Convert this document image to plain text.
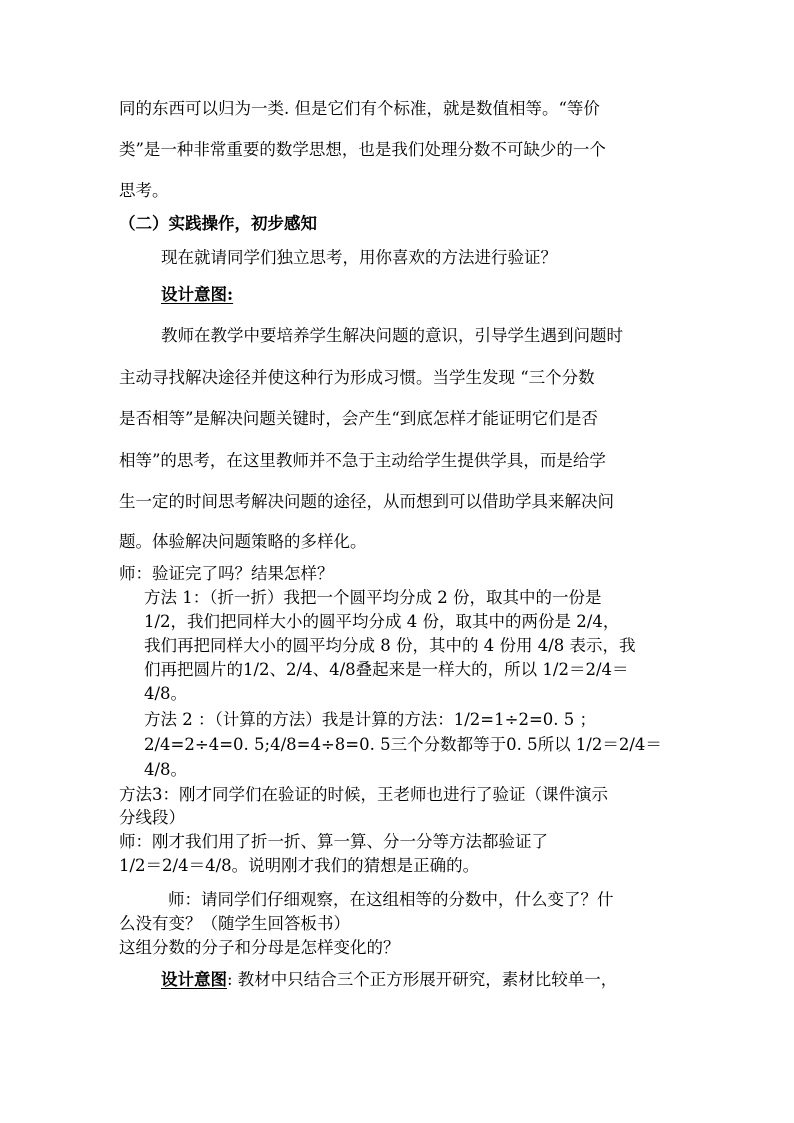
同的东西可以归为一类. 但是它们有个标准，就是数值相等。“等价
类”是一种非常重要的数学思想，也是我们处理分数不可缺少的一个
思考。
（二）实践操作，初步感知
现在就请同学们独立思考，用你喜欢的方法进行验证？
设计意图:
教师在教学中要培养学生解决问题的意识，引导学生遇到问题时
主动寻找解决途径并使这种行为形成习惯。当学生发现 “三个分数
是否相等”是解决问题关键时，会产生“到底怎样才能证明它们是否
相等”的思考，在这里教师并不急于主动给学生提供学具，而是给学
生一定的时间思考解决问题的途径，从而想到可以借助学具来解决问
题。体验解决问题策略的多样化。
师：验证完了吗？结果怎样？
方法 1：（折一折）我把一个圆平均分成 2 份，取其中的一份是
1/2，我们把同样大小的圆平均分成 4 份，取其中的两份是 2/4，
我们再把同样大小的圆平均分成 8 份，其中的 4 份用 4/8 表示，我
们再把圆片的1/2、2/4、4/8叠起来是一样大的，所以 1/2＝2/4＝
4/8。
方法 2 ：（计算的方法）我是计算的方法：1/2=1÷2=0. 5 ；
2/4=2÷4=0. 5;4/8=4÷8=0. 5三个分数都等于0. 5所以 1/2＝2/4＝
4/8。
方法3：刚才同学们在验证的时候，王老师也进行了验证（课件演示
分线段）
师：刚才我们用了折一折、算一算、分一分等方法都验证了
1/2＝2/4＝4/8。说明刚才我们的猜想是正确的。
师：请同学们仔细观察，在这组相等的分数中，什么变了？什
么没有变？（随学生回答板书）
这组分数的分子和分母是怎样变化的？
设计意图: 教材中只结合三个正方形展开研究，素材比较单一，
